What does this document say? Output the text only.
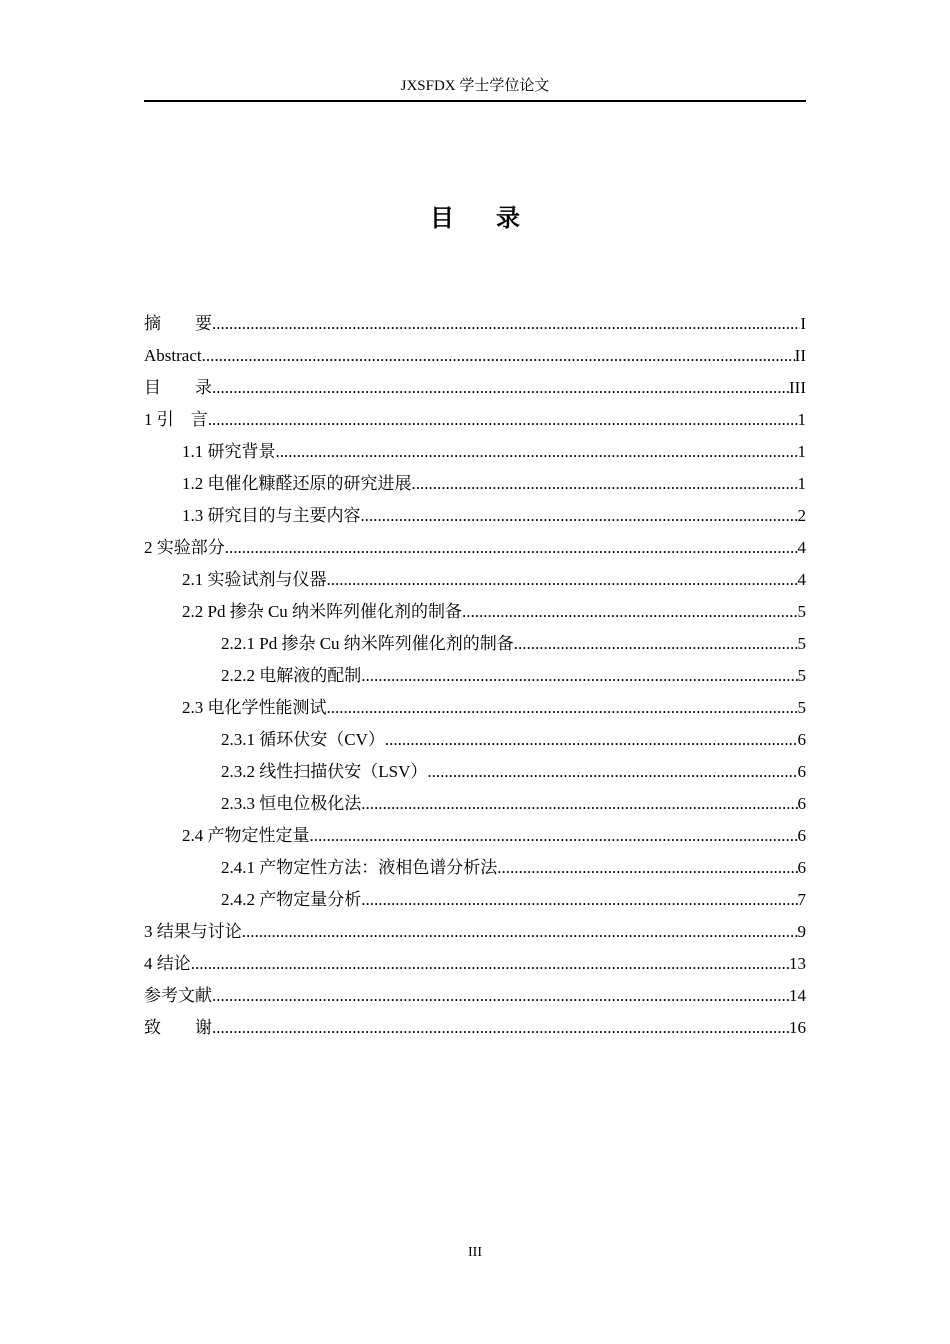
JXSFDX 学士学位论文
目 录
摘　　要 .....	I
Abstract .....	II
目　　录 .....	III
1 引　言 .....	1
1.1 研究背景 .....	1
1.2 电催化糠醛还原的研究进展 .....	1
1.3 研究目的与主要内容 .....	2
2 实验部分 .....	4
2.1 实验试剂与仪器 .....	4
2.2 Pd 掺杂 Cu 纳米阵列催化剂的制备 .....	5
2.2.1 Pd 掺杂 Cu 纳米阵列催化剂的制备 .....	5
2.2.2 电解液的配制 .....	5
2.3 电化学性能测试 .....	5
2.3.1 循环伏安（CV） .....	6
2.3.2 线性扫描伏安（LSV） .....	6
2.3.3 恒电位极化法 .....	6
2.4 产物定性定量 .....	6
2.4.1 产物定性方法：液相色谱分析法 .....	6
2.4.2 产物定量分析 .....	7
3 结果与讨论 .....	9
4 结论 .....	13
参考文献 .....	14
致　　谢 .....	16
III
